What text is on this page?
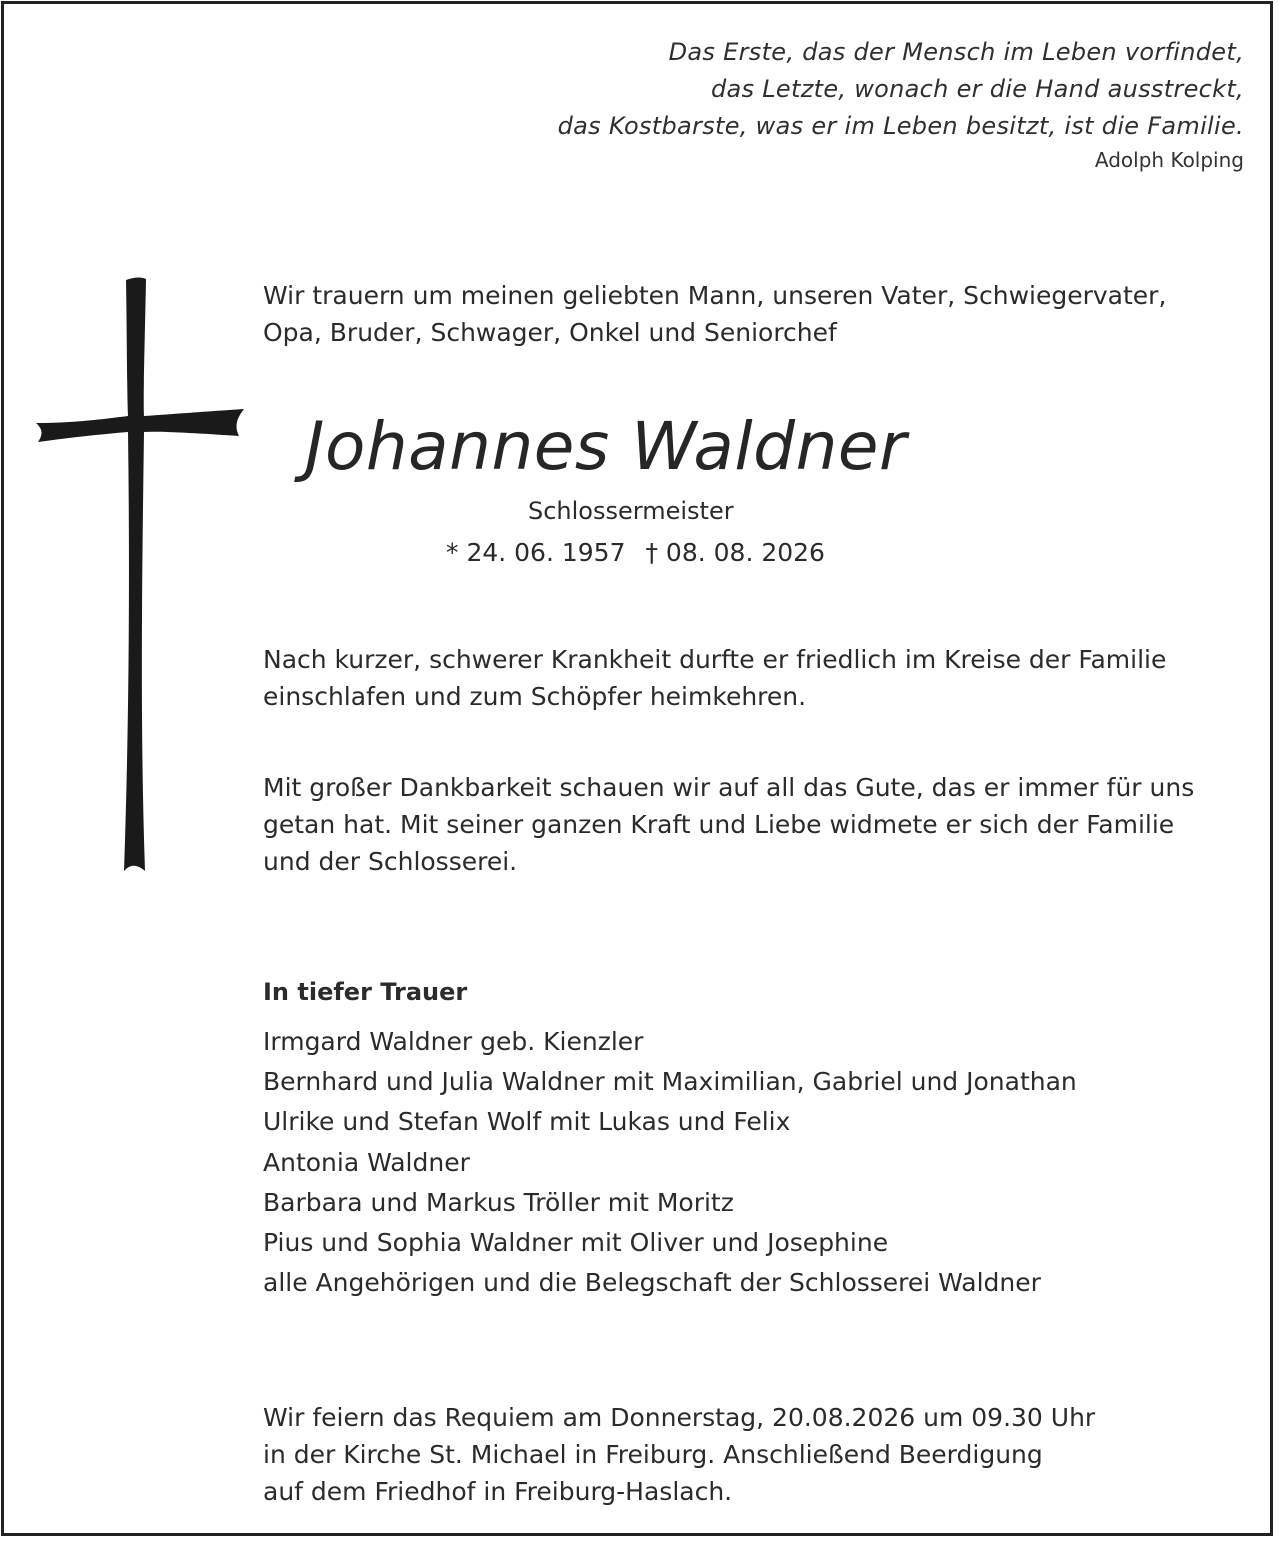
Das Erste, das der Mensch im Leben vorfindet,
das Letzte, wonach er die Hand ausstreckt,
das Kostbarste, was er im Leben besitzt, ist die Familie.
Adolph Kolping
Wir trauern um meinen geliebten Mann, unseren Vater, Schwiegervater,
Opa, Bruder, Schwager, Onkel und Seniorchef
Johannes Waldner
Schlossermeister
* 24. 06. 1957 † 08. 08. 2026
Nach kurzer, schwerer Krankheit durfte er friedlich im Kreise der Familie
einschlafen und zum Schöpfer heimkehren.
Mit großer Dankbarkeit schauen wir auf all das Gute, das er immer für uns
getan hat. Mit seiner ganzen Kraft und Liebe widmete er sich der Familie
und der Schlosserei.
In tiefer Trauer
Irmgard Waldner geb. Kienzler
Bernhard und Julia Waldner mit Maximilian, Gabriel und Jonathan
Ulrike und Stefan Wolf mit Lukas und Felix
Antonia Waldner
Barbara und Markus Tröller mit Moritz
Pius und Sophia Waldner mit Oliver und Josephine
alle Angehörigen und die Belegschaft der Schlosserei Waldner
Wir feiern das Requiem am Donnerstag, 20.08.2026 um 09.30 Uhr
in der Kirche St. Michael in Freiburg. Anschließend Beerdigung
auf dem Friedhof in Freiburg-Haslach.
